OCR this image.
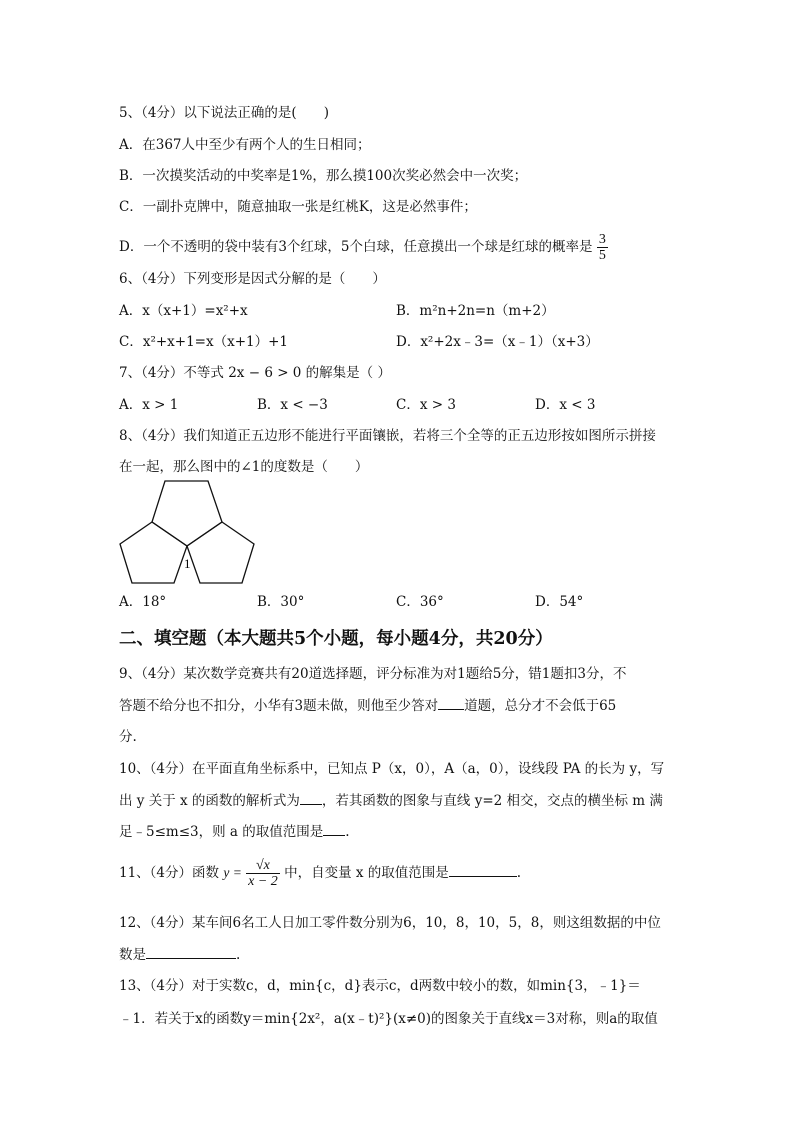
5、（4分）以下说法正确的是(　　)
A．在367人中至少有两个人的生日相同；
B．一次摸奖活动的中奖率是1%，那么摸100次奖必然会中一次奖；
C．一副扑克牌中，随意抽取一张是红桃K，这是必然事件；
D．一个不透明的袋中装有3个红球，5个白球，任意摸出一个球是红球的概率是 $\frac{3}{5}$
6、（4分）下列变形是因式分解的是（　　）
A．x（x+1）=x²+x	B．m²n+2n=n（m+2）
C．x²+x+1=x（x+1）+1	D．x²+2x﹣3=（x﹣1）（x+3）
7、（4分）不等式 2x − 6 > 0 的解集是（ ）
A．x > 1	B．x < −3	C．x > 3	D．x < 3
8、（4分）我们知道正五边形不能进行平面镶嵌，若将三个全等的正五边形按如图所示拼接
在一起，那么图中的∠1的度数是（　　）
1
A．18°	B．30°	C．36°	D．54°
二、填空题（本大题共5个小题，每小题4分，共20分）
9、（4分）某次数学竞赛共有20道选择题，评分标准为对1题给5分，错1题扣3分，不
答题不给分也不扣分，小华有3题未做，则他至少答对 道题，总分才不会低于65
分.
10、（4分）在平面直角坐标系中，已知点 P（x，0），A（a，0），设线段 PA 的长为 y，写
出 y 关于 x 的函数的解析式为 ，若其函数的图象与直线 y=2 相交，交点的横坐标 m 满
足﹣5≤m≤3，则 a 的取值范围是 .
11、（4分）函数 $y = \frac{√x}{x - 2}$ 中，自变量 x 的取值范围是	.
12、（4分）某车间6名工人日加工零件数分别为6，10，8，10，5，8，则这组数据的中位
数是	.
13、（4分）对于实数c，d，min{c，d}表示c，d两数中较小的数，如min{3，﹣1}＝
﹣1．若关于x的函数y＝min{2x²，a(x﹣t)²}(x≠0)的图象关于直线x＝3对称，则a的取值
